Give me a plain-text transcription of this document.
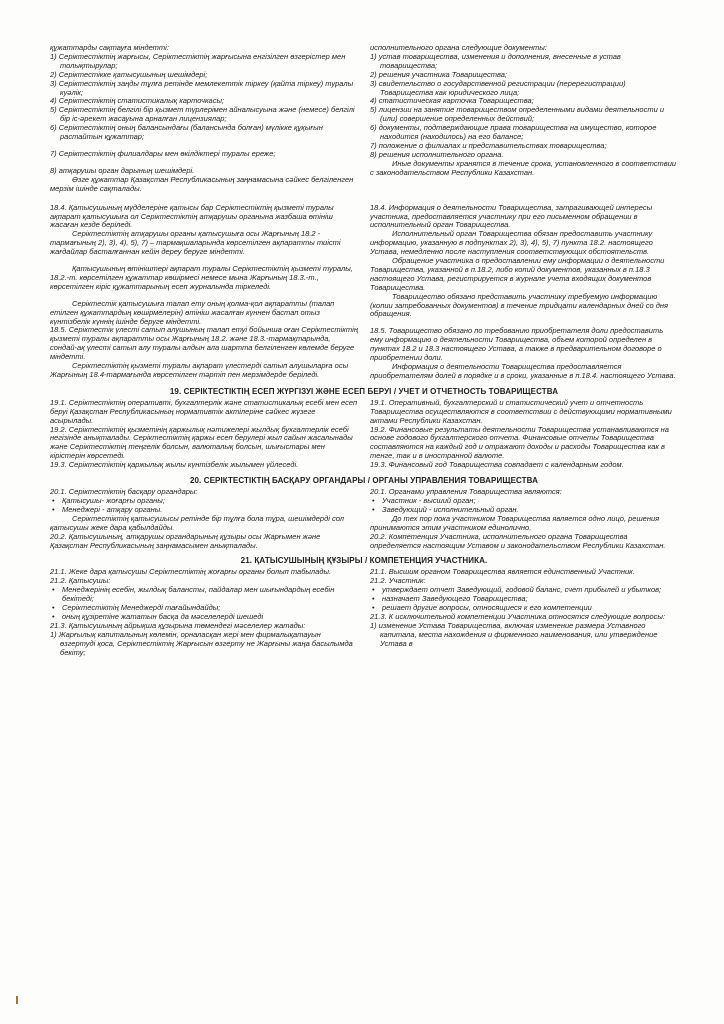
құжаттарды сақтауға міндетті:

1) Серіктестіктің жарғысы, Серіктестіктің жарғысына енгізілген өзгерістер мен толықтырулар;

2) Серіктестікке қатысушының шешімдері;

3) Серіктестіктің заңды тұлға ретінде мемлекеттік тіркеу (қайта тіркеу) туралы куәлік;

4) Серіктестіктің статистикалық карточкасы;

5) Серіктестіктің белгілі бір қызмет түрлерімен айналысуына және (немесе) белгілі бір іс-әрекет жасауына арналған лицензиялар;

6) Серіктестіктің оның балансындағы (балансында болған) мүлікке құқығын растайтын құжаттар;

7) Серіктестіктің филиалдары мен өкілдіктері туралы ереже;

8) атқарушы орган дарының шешімдері.

Өзге құжаттар Қазақстан Республикасының заңнамасына сәйкес белгіленген мерзім ішінде сақталады.

исполнительного органа следующие документы:

1) устав товарищества, изменения и дополнения, внесенные в устав товарищества;

2) решения участника Товарищества;

3) свидетельство о государственной регистрации (перерегистрации) Товарищества как юридического лица;

4) статистическая карточка Товарищества;

5) лицензии на занятие товариществом определенными видами деятельности и (или) совершение определенных действий;

6) документы, подтверждающие права товарищества на имущество, которое находится (находилось) на его балансе;

7) положение о филиалах и представительствах товарищества;

8) решения исполнительного органа.

Иные документы хранятся в течение срока, установленного в соответствии с законодательством Республики Казахстан.

18.4. Қатысушының мүдделеріне қатысы бар Серіктестіктің қызметі туралы ақпарат қатысушыға ол Серіктестіктің атқарушы органына жазбаша өтініш жасаған кезде беріледі.

Серіктестіктің атқарушы органы қатысушыға осы Жарғының 18.2 - тармағының 2), 3), 4), 5), 7) – тармақшаларында көрсетілген ақпаратты тиісті жағдайлар басталғаннан кейін дереу беруге міндетті.

Қатысушының өтініштері ақпарат туралы Серіктестіктің қызметі туралы, 18.2.-т. көрсетілген құжаттар көшірмесі немесе мына Жарғының 18.3.-т., көрсетілген кіріс құжаттарының есеп журналында тіркеледі.

Серіктестік қатысушыға талап ету оның қолма-қол ақпаратты (талап етілген құжаттардың көшірмелерін) өтініш жасалған күннен бастап отыз күнтізбелік күннің ішінде беруге міндетті.

18.5. Серіктестік үлесті сатып алушының талап етуі бойынша оған Серіктестіктің қызметі туралы ақпаратты осы Жарғының 18.2. және 18.3.-тармақтарында, сондай-ақ үлесті сатып алу туралы алдын ала шартта белгіленген көлемде беруге міндетті.

Серіктестіктің қызметі туралы ақпарат үлестерді сатып алушыларға осы Жарғының 18.4-тармағында көрсетілген тәртіп пен мерзімдерде беріледі.

18.4. Информация о деятельности Товарищества, затрагивающей интересы участника, предоставляется участнику при его письменном обращении в исполнительный орган Товарищества.

Исполнительный орган Товарищества обязан предоставить участнику информацию, указанную в подпунктах 2), 3), 4), 5), 7) пункта 18.2. настоящего Устава, немедленно после наступления соответствующих обстоятельств.

Обращение участника о предоставлении ему информации о деятельности Товарищества, указанной в п.18.2, либо копий документов, указанных в п.18.3 настоящего Устава, регистрируется в журнале учета входящих документов Товарищества.

Товарищество обязано представить участнику требуемую информацию (копии затребованных документов) в течение тридцати календарных дней со дня обращения.

18.5. Товарищество обязано по требованию приобретателя доли предоставить ему информацию о деятельности Товарищества, объем которой определен в пунктах 18.2 и 18.3 настоящего Устава, а также в предварительном договоре о приобретении доли.

Информация о деятельности Товарищества предоставляется приобретателям долей в порядке и в сроки, указанные в п.18.4. настоящего Устава.

19. СЕРІКТЕСТІКТІҢ ЕСЕП ЖҮРГІЗУІ ЖӘНЕ ЕСЕП БЕРУІ / УЧЕТ И ОТЧЕТНОСТЬ ТОВАРИЩЕСТВА

19.1. Серіктестіктің оперативті, бухгалтерлік және статистикалық есебі мен есеп беруі Қазақстан Республикасының нормативтік актілеріне сәйкес жүзеге асырылады.

19.2. Серіктестіктің қызметінің қаржылық нәтижелері жылдық бухгалтерлік есебі негізінде анықталады. Серіктестіктің қаржы есеп берулері жыл сайын жасалынады және Серіктестіктің теңгелік болсын, валюталық болсын, шығыстары мен кірістерін көрсетеді.

19.3. Серіктестіктің қаржылық жылы күнтізбелік жылымен үйлеседі.

19.1. Оперативный, бухгалтерский и статистический учет и отчетность Товарищества осуществляются в соответствии с действующими нормативными актами Республики Казахстан.

19.2. Финансовые результаты деятельности Товарищества устанавливаются на основе годового бухгалтерского отчета. Финансовые отчеты Товарищества составляются на каждый год и отражают доходы и расходы Товарищества как в тенге, так и в иностранной валюте.

19.3. Финансовый год Товарищества совпадает с календарным годом.

20. СЕРІКТЕСТІКТІҢ БАСҚАРУ ОРГАНДАРЫ / ОРГАНЫ УПРАВЛЕНИЯ ТОВАРИЩЕСТВА

20.1. Серіктестіктің басқару органдары:

• Қатысушы- жоғарғы органы;

• Менеджері - атқару органы.

Серіктестіктің қатысушысы ретінде бір тұлға бола тұра, шешімдерді сол қатысушы жеке дара қабылдайды.

20.2. Қатысушының, атқарушы органдарының құзыры осы Жарғымен және Қазақстан Республикасының заңнамасымен анықталады.

20.1. Органами управления Товарищества являются:

• Участник - высший орган;

• Заведующий - исполнительный орган.

До тех пор пока участником Товарищества является одно лицо, решения принимаются этим участником единолично.

20.2. Компетенция Участника, исполнительного органа Товарищества определяется настоящим Уставом и законодательством Республики Казахстан.

21. ҚАТЫСУШЫНЫҢ ҚҰЗЫРЫ / КОМПЕТЕНЦИЯ УЧАСТНИКА.

21.1. Жеке дара қатысушы Серіктестіктің жоғарғы органы болып табылады.

21.2. Қатысушы:

• Менеджерінің есебін, жылдық балансты, пайдалар мен шығындардың есебін бекітеді;

• Серіктестіктің Менеджерді тағайындайды;

• оның құзіретіне жататын басқа да мәселелерді шешеді

21.3. Қатысушының айрықша құзырына төмендегі мәселелер жатады:

1) Жарғылық капиталының көлемін, орналасқан жері мен фирмалықатауын өзгертуді қоса, Серіктестіктің Жарғысын өзгерту не Жарғыны жаңа басылымда бекіту;

21.1. Высшим органом Товарищества является единственный Участник.

21.2. Участник:

• утверждает отчет Заведующий, годовой баланс, счет прибылей и убытков;

• назначает Заведующего Товарищества;

• решает другие вопросы, относящиеся к его компетенции

21.3. К исключительной компетенции Участника относятся следующие вопросы:

1) изменение Устава Товарищества, включая изменение размера Уставного капитала, места нахождения и фирменного наименования, или утверждение Устава в
